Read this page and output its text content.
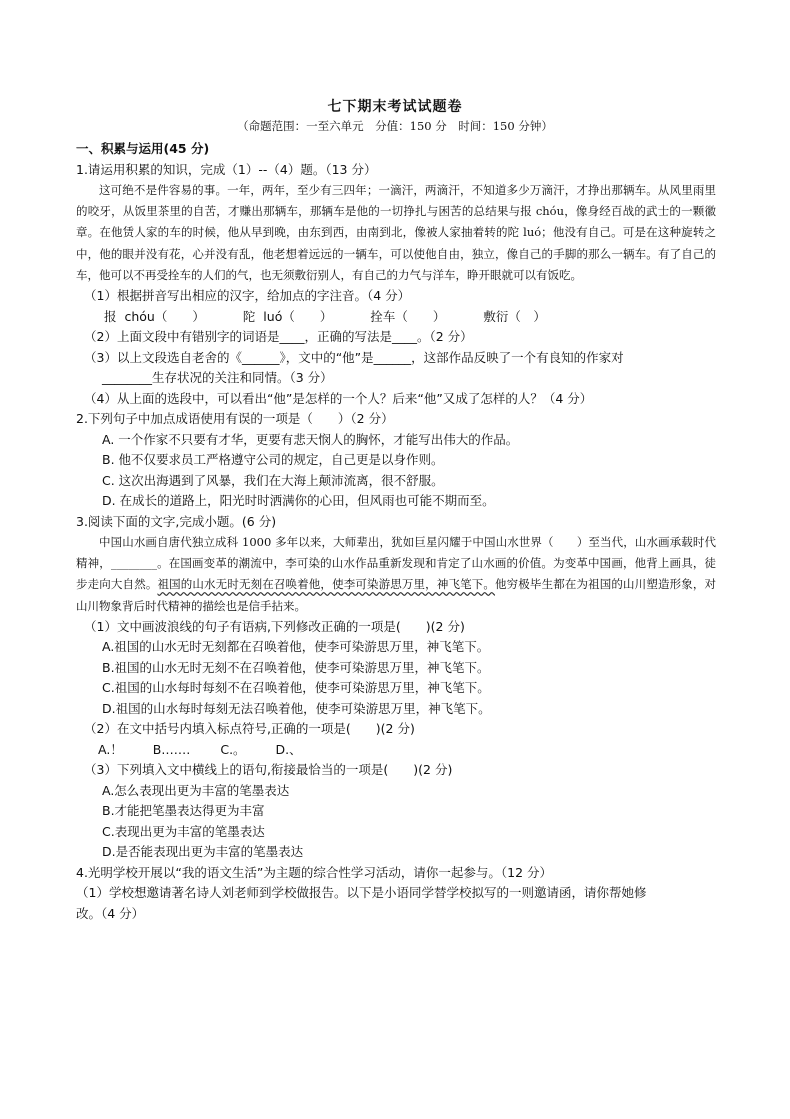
七下期末考试试题卷
（命题范围：一至六单元　分值：150 分　时间：150 分钟）

一、积累与运用(45 分)

1.请运用积累的知识，完成（1）--（4）题。（13 分）

这可绝不是件容易的事。一年，两年，至少有三四年；一滴汗，两滴汗，不知道多少万滴汗，才挣出那辆车。从风里雨里的咬牙，从饭里茶里的自苦，才赚出那辆车，那辆车是他的一切挣扎与困苦的总结果与报 chóu，像身经百战的武士的一颗徽章。在他赁人家的车的时候，他从早到晚，由东到西，由南到北，像被人家抽着转的陀 luó；他没有自己。可是在这种旋转之中，他的眼并没有花，心并没有乱，他老想着远远的一辆车，可以使他自由，独立，像自己的手脚的那么一辆车。有了自己的车，他可以不再受拴车的人们的气，也无须敷衍别人，有自己的力气与洋车，睁开眼就可以有饭吃。

（1）根据拼音写出相应的汉字，给加点的字注音。（4 分）

报 chóu（　　）	陀 luó（　　）	拴车（　　）	敷衍（　）

（2）上面文段中有错别字的词语是____，正确的写法是____。（2 分）

（3）以上文段选自老舍的《______》，文中的“他”是______，这部作品反映了一个有良知的作家对

________生存状况的关注和同情。（3 分）

（4）从上面的选段中，可以看出“他”是怎样的一个人？后来“他”又成了怎样的人？（4 分）

2.下列句子中加点成语使用有误的一项是（　　）（2 分）

A. 一个作家不只要有才华，更要有悲天悯人的胸怀，才能写出伟大的作品。

B. 他不仅要求员工严格遵守公司的规定，自己更是以身作则。

C. 这次出海遇到了风暴，我们在大海上颠沛流离，很不舒服。

D. 在成长的道路上，阳光时时洒满你的心田，但风雨也可能不期而至。

3.阅读下面的文字,完成小题。(6 分)

中国山水画自唐代独立成科 1000 多年以来，大师辈出，犹如巨星闪耀于中国山水世界（　　）至当代，山水画承载时代精神，________。在国画变革的潮流中，李可染的山水作品重新发现和肯定了山水画的价值。为变革中国画，他背上画具，徒步走向大自然。祖国的山水无时无刻在召唤着他，使李可染游思万里，神飞笔下。他穷极毕生都在为祖国的山川塑造形象，对山川物象背后时代精神的描绘也是信手拈来。

（1）文中画波浪线的句子有语病,下列修改正确的一项是(　　)(2 分)

A.祖国的山水无时无刻都在召唤着他，使李可染游思万里，神飞笔下。

B.祖国的山水无时无刻不在召唤着他，使李可染游思万里，神飞笔下。

C.祖国的山水每时每刻不在召唤着他，使李可染游思万里，神飞笔下。

D.祖国的山水每时每刻无法召唤着他，使李可染游思万里，神飞笔下。

（2）在文中括号内填入标点符号,正确的一项是(　　)(2 分)

A.！ B.…… C.。 D.、

（3）下列填入文中横线上的语句,衔接最恰当的一项是(　　)(2 分)

A.怎么表现出更为丰富的笔墨表达

B.才能把笔墨表达得更为丰富

C.表现出更为丰富的笔墨表达

D.是否能表现出更为丰富的笔墨表达

4.光明学校开展以“我的语文生活”为主题的综合性学习活动，请你一起参与。（12 分）

（1）学校想邀请著名诗人刘老师到学校做报告。以下是小语同学替学校拟写的一则邀请函，请你帮她修

改。（4 分）
